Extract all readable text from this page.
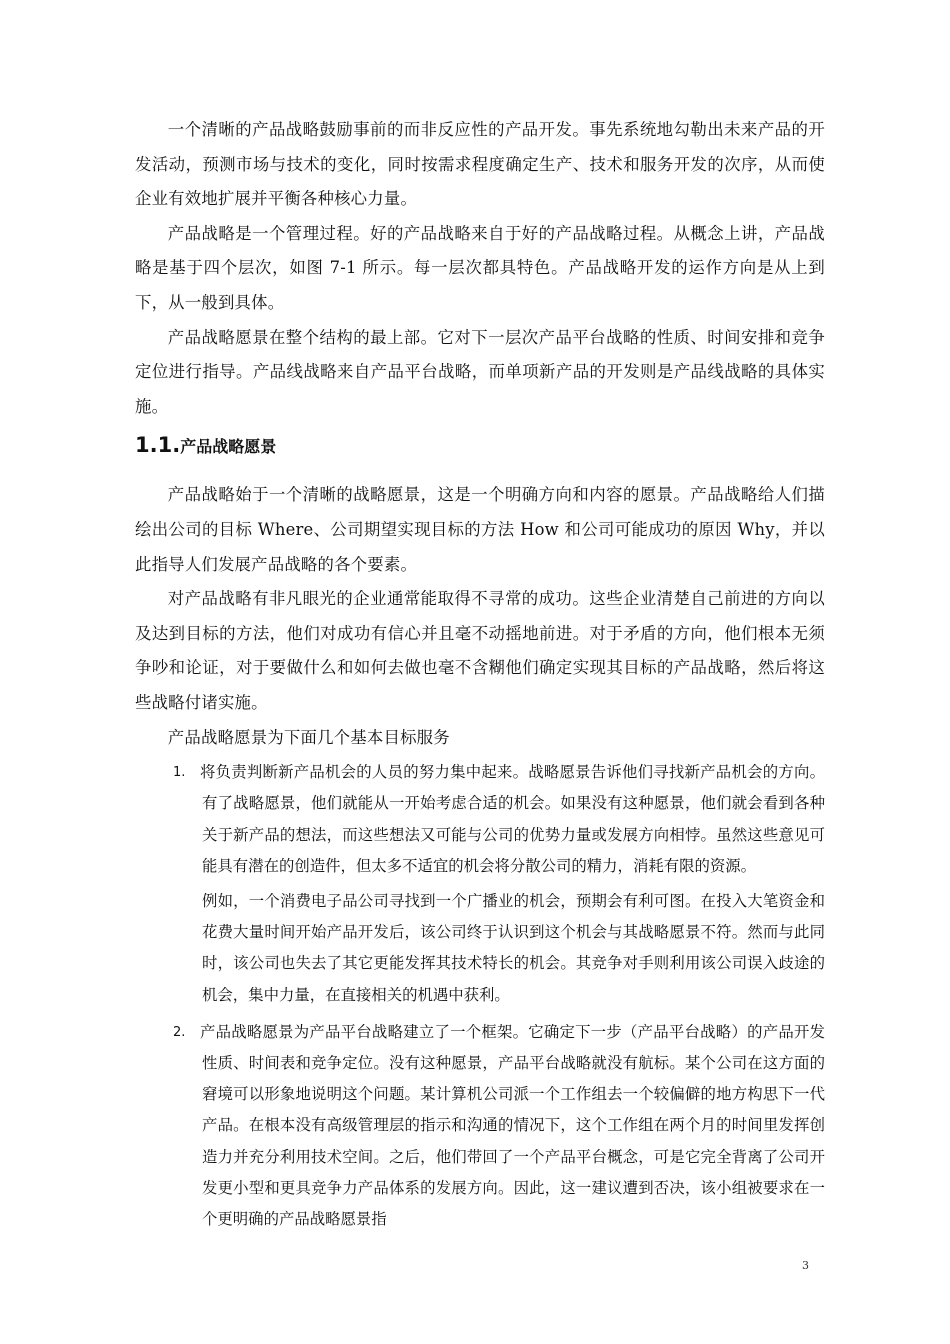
一个清晰的产品战略鼓励事前的而非反应性的产品开发。事先系统地勾勒出未来产品的开发活动，预测市场与技术的变化，同时按需求程度确定生产、技术和服务开发的次序，从而使企业有效地扩展并平衡各种核心力量。

产品战略是一个管理过程。好的产品战略来自于好的产品战略过程。从概念上讲，产品战略是基于四个层次，如图 7-1 所示。每一层次都具特色。产品战略开发的运作方向是从上到下，从一般到具体。

产品战略愿景在整个结构的最上部。它对下一层次产品平台战略的性质、时间安排和竞争定位进行指导。产品线战略来自产品平台战略，而单项新产品的开发则是产品线战略的具体实施。

1.1.产品战略愿景

产品战略始于一个清晰的战略愿景，这是一个明确方向和内容的愿景。产品战略给人们描绘出公司的目标 Where、公司期望实现目标的方法 How 和公司可能成功的原因 Why，并以此指导人们发展产品战略的各个要素。

对产品战略有非凡眼光的企业通常能取得不寻常的成功。这些企业清楚自己前进的方向以及达到目标的方法，他们对成功有信心并且毫不动摇地前进。对于矛盾的方向，他们根本无须争吵和论证，对于要做什么和如何去做也毫不含糊他们确定实现其目标的产品战略，然后将这些战略付诸实施。

产品战略愿景为下面几个基本目标服务

1. 将负责判断新产品机会的人员的努力集中起来。战略愿景告诉他们寻找新产品机会的方向。有了战略愿景，他们就能从一开始考虑合适的机会。如果没有这种愿景，他们就会看到各种关于新产品的想法，而这些想法又可能与公司的优势力量或发展方向相悖。虽然这些意见可能具有潜在的创造件，但太多不适宜的机会将分散公司的精力，消耗有限的资源。
例如，一个消费电子品公司寻找到一个广播业的机会，预期会有利可图。在投入大笔资金和花费大量时间开始产品开发后，该公司终于认识到这个机会与其战略愿景不符。然而与此同时，该公司也失去了其它更能发挥其技术特长的机会。其竞争对手则利用该公司误入歧途的机会，集中力量，在直接相关的机遇中获利。
2. 产品战略愿景为产品平台战略建立了一个框架。它确定下一步（产品平台战略）的产品开发性质、时间表和竞争定位。没有这种愿景，产品平台战略就没有航标。某个公司在这方面的窘境可以形象地说明这个问题。某计算机公司派一个工作组去一个较偏僻的地方构思下一代产品。在根本没有高级管理层的指示和沟通的情况下，这个工作组在两个月的时间里发挥创造力并充分利用技术空间。之后，他们带回了一个产品平台概念，可是它完全背离了公司开发更小型和更具竞争力产品体系的发展方向。因此，这一建议遭到否决，该小组被要求在一个更明确的产品战略愿景指
3
